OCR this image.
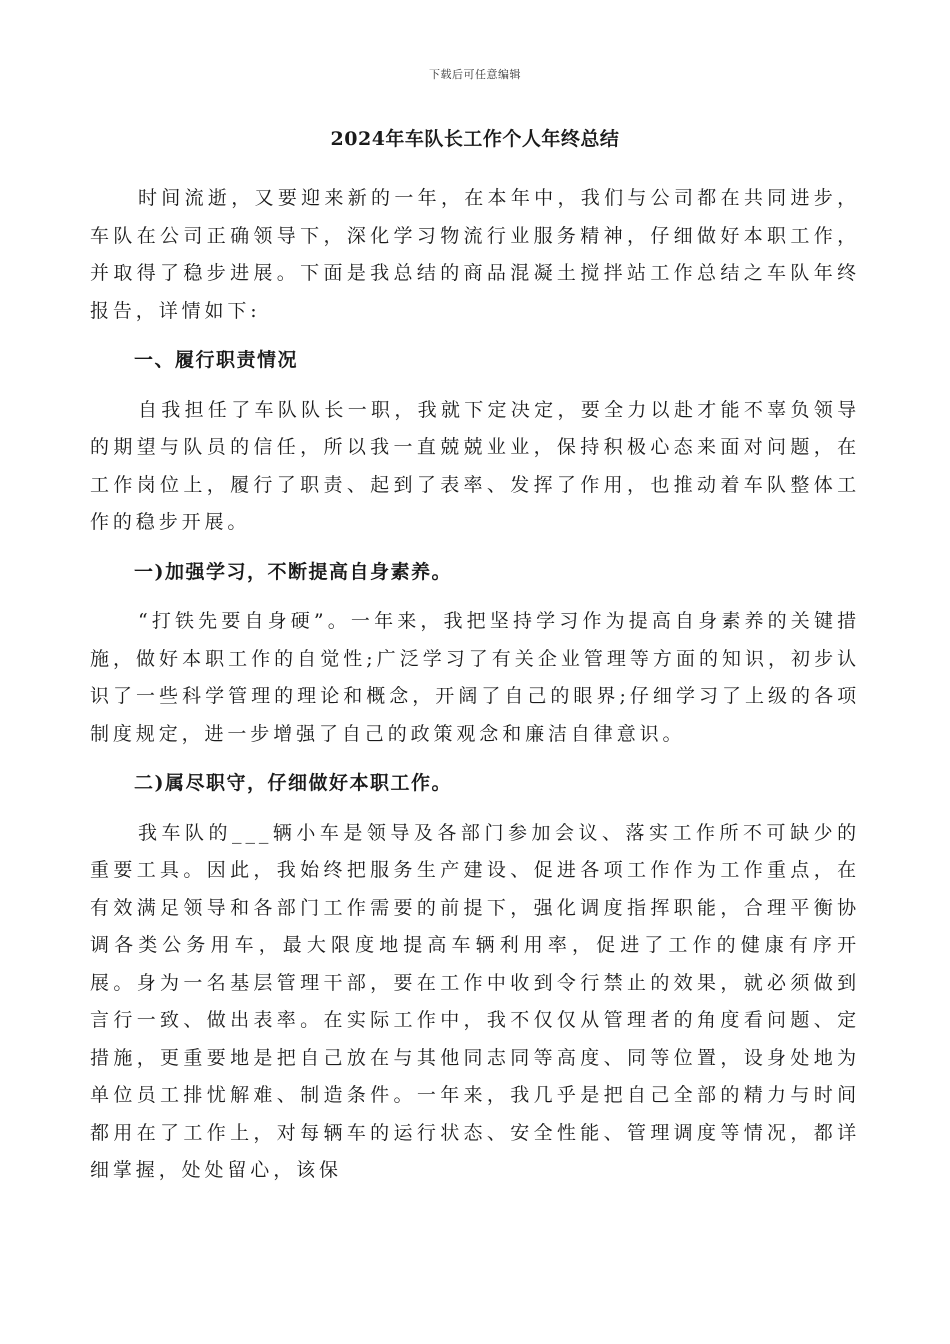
下载后可任意编辑
2024年车队长工作个人年终总结

时间流逝，又要迎来新的一年，在本年中，我们与公司都在共同进步，车队在公司正确领导下，深化学习物流行业服务精神，仔细做好本职工作，并取得了稳步进展。下面是我总结的商品混凝土搅拌站工作总结之车队年终报告，详情如下:

一、履行职责情况

自我担任了车队队长一职，我就下定决定，要全力以赴才能不辜负领导的期望与队员的信任，所以我一直兢兢业业，保持积极心态来面对问题，在工作岗位上，履行了职责、起到了表率、发挥了作用，也推动着车队整体工作的稳步开展。

一)加强学习，不断提高自身素养。

“打铁先要自身硬”。一年来，我把坚持学习作为提高自身素养的关键措施，做好本职工作的自觉性;广泛学习了有关企业管理等方面的知识，初步认识了一些科学管理的理论和概念，开阔了自己的眼界;仔细学习了上级的各项制度规定，进一步增强了自己的政策观念和廉洁自律意识。

二)属尽职守，仔细做好本职工作。

我车队的___辆小车是领导及各部门参加会议、落实工作所不可缺少的重要工具。因此，我始终把服务生产建设、促进各项工作作为工作重点，在有效满足领导和各部门工作需要的前提下，强化调度指挥职能，合理平衡协调各类公务用车，最大限度地提高车辆利用率，促进了工作的健康有序开展。身为一名基层管理干部，要在工作中收到令行禁止的效果，就必须做到言行一致、做出表率。在实际工作中，我不仅仅从管理者的角度看问题、定措施，更重要地是把自己放在与其他同志同等高度、同等位置，设身处地为单位员工排忧解难、制造条件。一年来，我几乎是把自己全部的精力与时间都用在了工作上，对每辆车的运行状态、安全性能、管理调度等情况，都详细掌握，处处留心，该保
